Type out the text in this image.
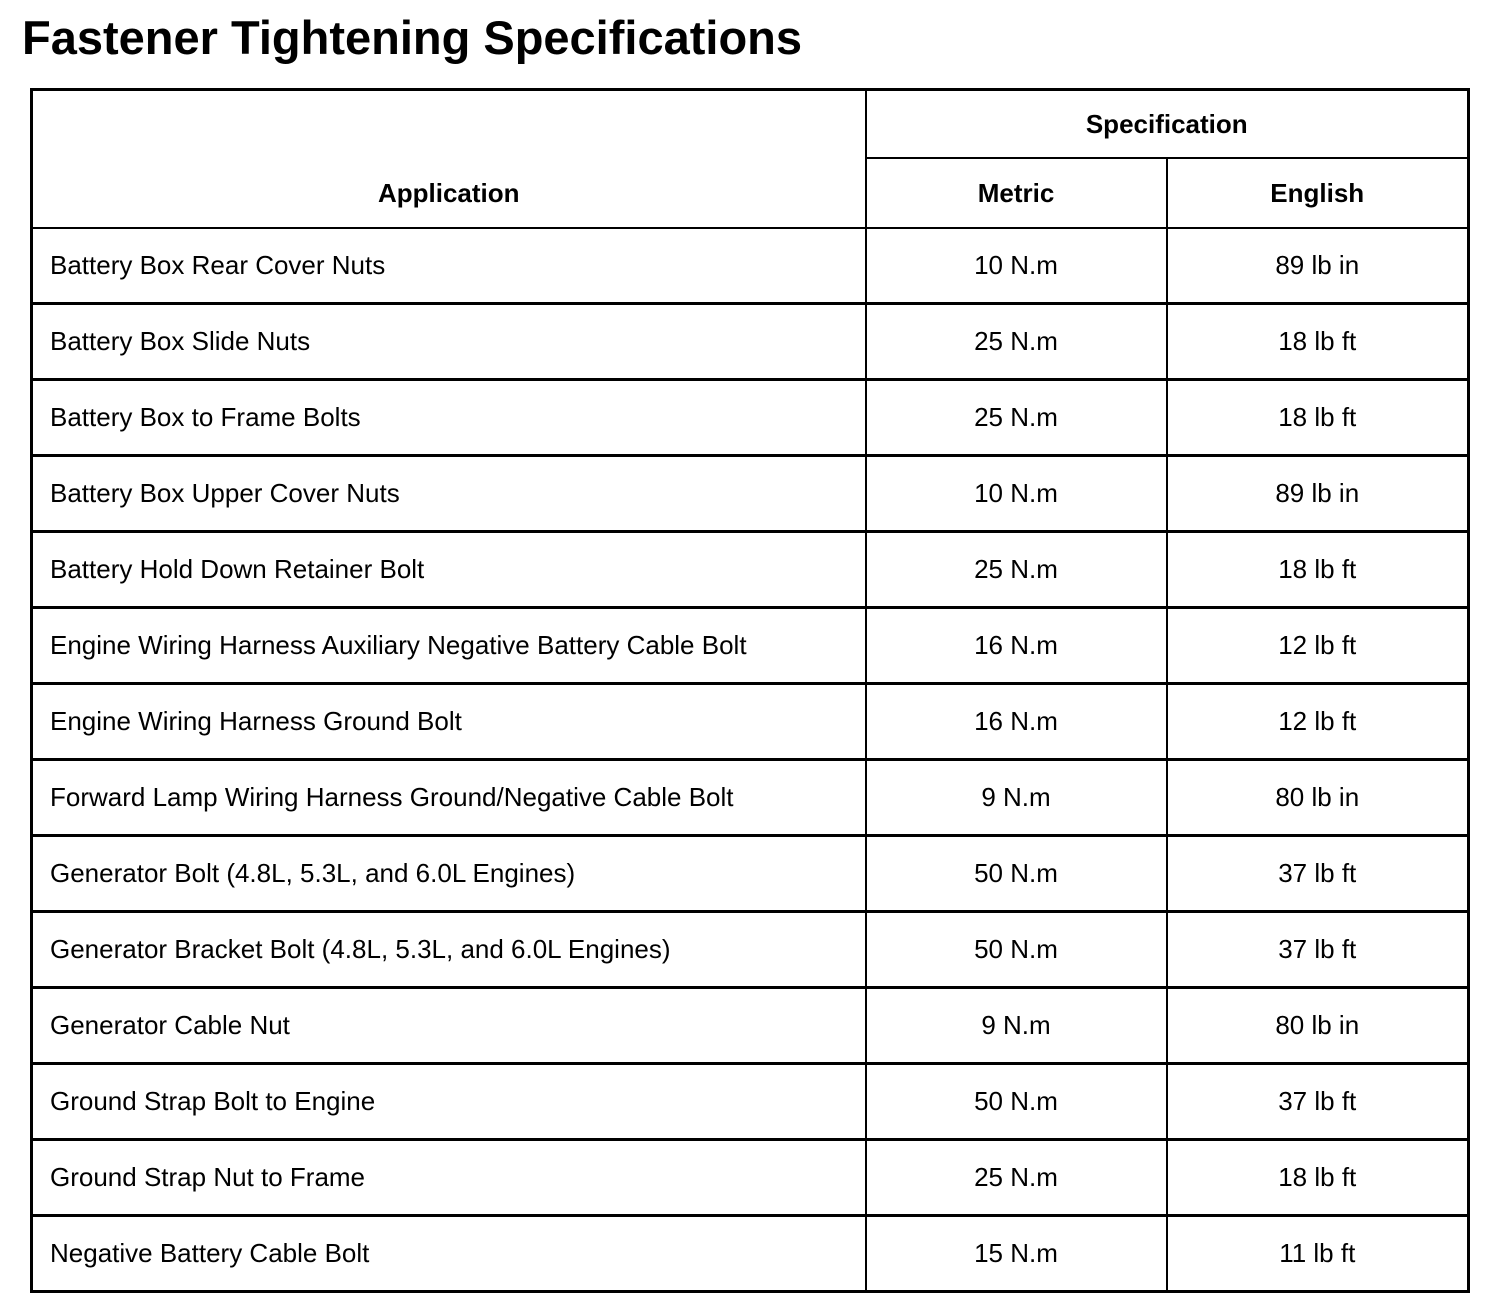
Fastener Tightening Specifications
Application	Specification	
	Metric	English
Battery Box Rear Cover Nuts	10 N.m	89 lb in
Battery Box Slide Nuts	25 N.m	18 lb ft
Battery Box to Frame Bolts	25 N.m	18 lb ft
Battery Box Upper Cover Nuts	10 N.m	89 lb in
Battery Hold Down Retainer Bolt	25 N.m	18 lb ft
Engine Wiring Harness Auxiliary Negative Battery Cable Bolt	16 N.m	12 lb ft
Engine Wiring Harness Ground Bolt	16 N.m	12 lb ft
Forward Lamp Wiring Harness Ground/Negative Cable Bolt	9 N.m	80 lb in
Generator Bolt (4.8L, 5.3L, and 6.0L Engines)	50 N.m	37 lb ft
Generator Bracket Bolt (4.8L, 5.3L, and 6.0L Engines)	50 N.m	37 lb ft
Generator Cable Nut	9 N.m	80 lb in
Ground Strap Bolt to Engine	50 N.m	37 lb ft
Ground Strap Nut to Frame	25 N.m	18 lb ft
Negative Battery Cable Bolt	15 N.m	11 lb ft
